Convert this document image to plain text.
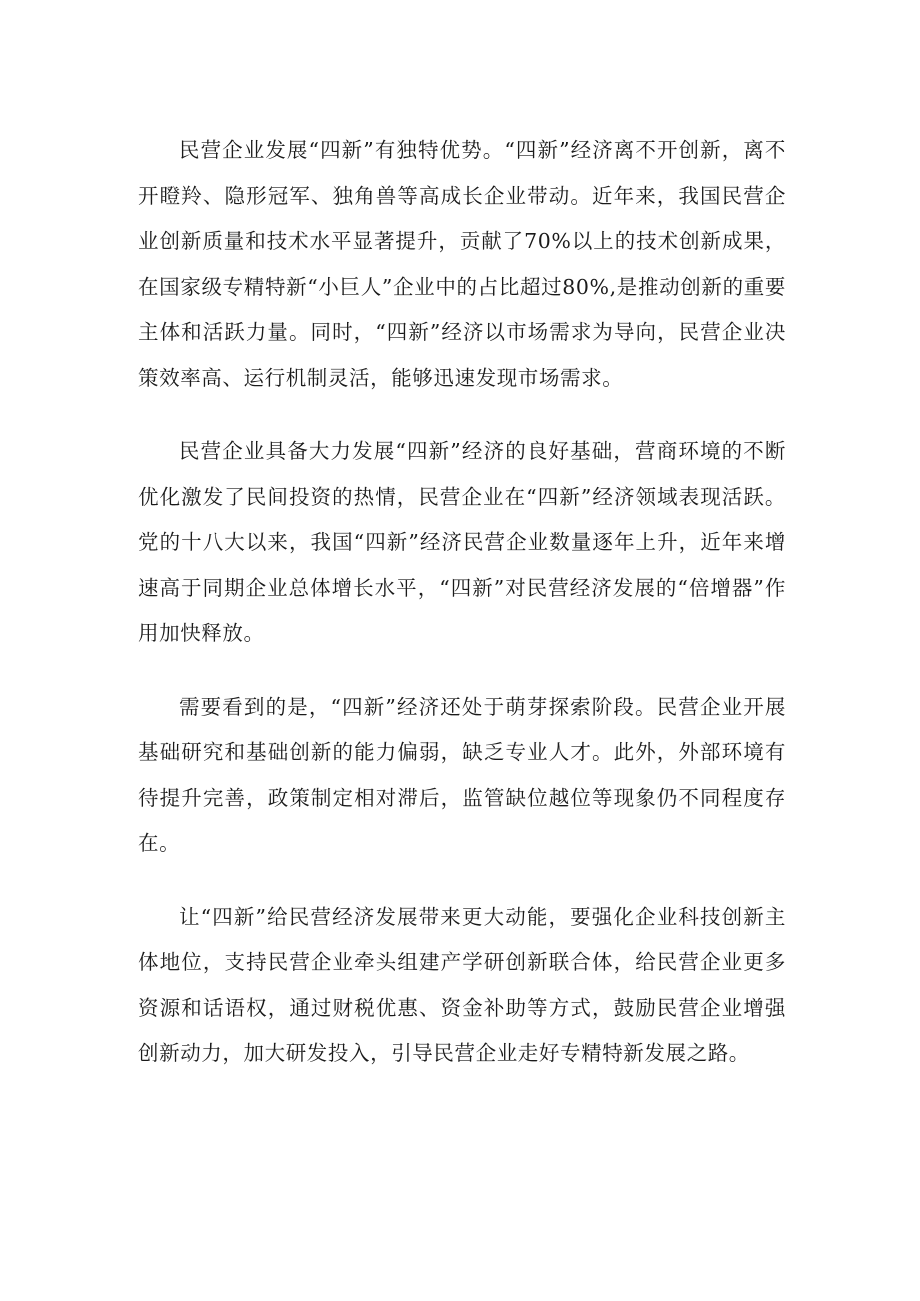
民营企业发展“四新”有独特优势。“四新”经济离不开创新，离不开瞪羚、隐形冠军、独角兽等高成长企业带动。近年来，我国民营企业创新质量和技术水平显著提升，贡献了70%以上的技术创新成果，在国家级专精特新“小巨人”企业中的占比超过80%,是推动创新的重要主体和活跃力量。同时，“四新”经济以市场需求为导向，民营企业决策效率高、运行机制灵活，能够迅速发现市场需求。

民营企业具备大力发展“四新”经济的良好基础，营商环境的不断优化激发了民间投资的热情，民营企业在“四新”经济领域表现活跃。党的十八大以来，我国“四新”经济民营企业数量逐年上升，近年来增速高于同期企业总体增长水平，“四新”对民营经济发展的“倍增器”作用加快释放。

需要看到的是，“四新”经济还处于萌芽探索阶段。民营企业开展基础研究和基础创新的能力偏弱，缺乏专业人才。此外，外部环境有待提升完善，政策制定相对滞后，监管缺位越位等现象仍不同程度存在。

让“四新”给民营经济发展带来更大动能，要强化企业科技创新主体地位，支持民营企业牵头组建产学研创新联合体，给民营企业更多资源和话语权，通过财税优惠、资金补助等方式，鼓励民营企业增强创新动力，加大研发投入，引导民营企业走好专精特新发展之路。
